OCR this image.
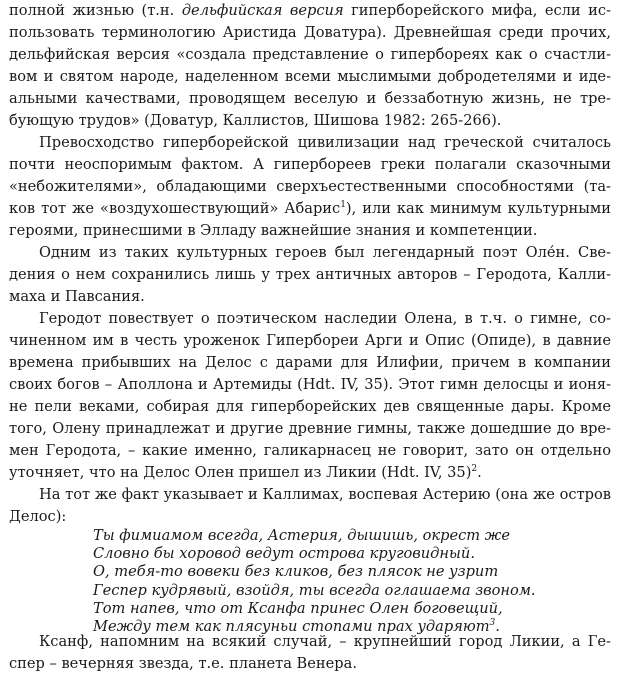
полной жизнью (т.н. дельфийская версия гиперборейского мифа, если ис-
пользовать терминологию Аристида Доватура). Древнейшая среди прочих,
дельфийская версия «создала представление о гипербореях как о счастли-
вом и святом народе, наделенном всеми мыслимыми добродетелями и иде-
альными качествами, проводящем веселую и беззаботную жизнь, не тре-
бующую трудов» (Доватур, Каллистов, Шишова 1982: 265-266).
Превосходство гиперборейской цивилизации над греческой считалось
почти неоспоримым фактом. А гипербореев греки полагали сказочными
«небожителями», обладающими сверхъестественными способностями (та-
ков тот же «воздухошествующий» Абарис$^1$), или как минимум культурными
героями, принесшими в Элладу важнейшие знания и компетенции.
Одним из таких культурных героев был легендарный поэт Оле́н. Све-
дения о нем сохранились лишь у трех античных авторов – Геродота, Калли-
маха и Павсания.
Геродот повествует о поэтическом наследии Олена, в т.ч. о гимне, со-
чиненном им в честь уроженок Гипербореи Арги и Опис (Опиде), в давние
времена прибывших на Делос с дарами для Илифии, причем в компании
своих богов – Аполлона и Артемиды (Hdt. IV, 35). Этот гимн делосцы и ионя-
не пели веками, собирая для гиперборейских дев священные дары. Кроме
того, Олену принадлежат и другие древние гимны, также дошедшие до вре-
мен Геродота, – какие именно, галикарнасец не говорит, зато он отдельно
уточняет, что на Делос Олен пришел из Ликии (Hdt. IV, 35)$^2$.
На тот же факт указывает и Каллимах, воспевая Астерию (она же остров
Делос):
Ты фимиамом всегда, Астерия, дышишь, окрест же
Словно бы хоровод ведут острова круговидный.
О, тебя-то вовеки без кликов, без плясок не узрит
Геспер кудрявый, взойдя, ты всегда оглашаема звоном.
Тот напев, что от Ксанфа принес Олен боговещий,
Между тем как плясуньи стопами прах ударяют$^3$.
Ксанф, напомним на всякий случай, – крупнейший город Ликии, а Ге-
спер – вечерняя звезда, т.е. планета Венера.
